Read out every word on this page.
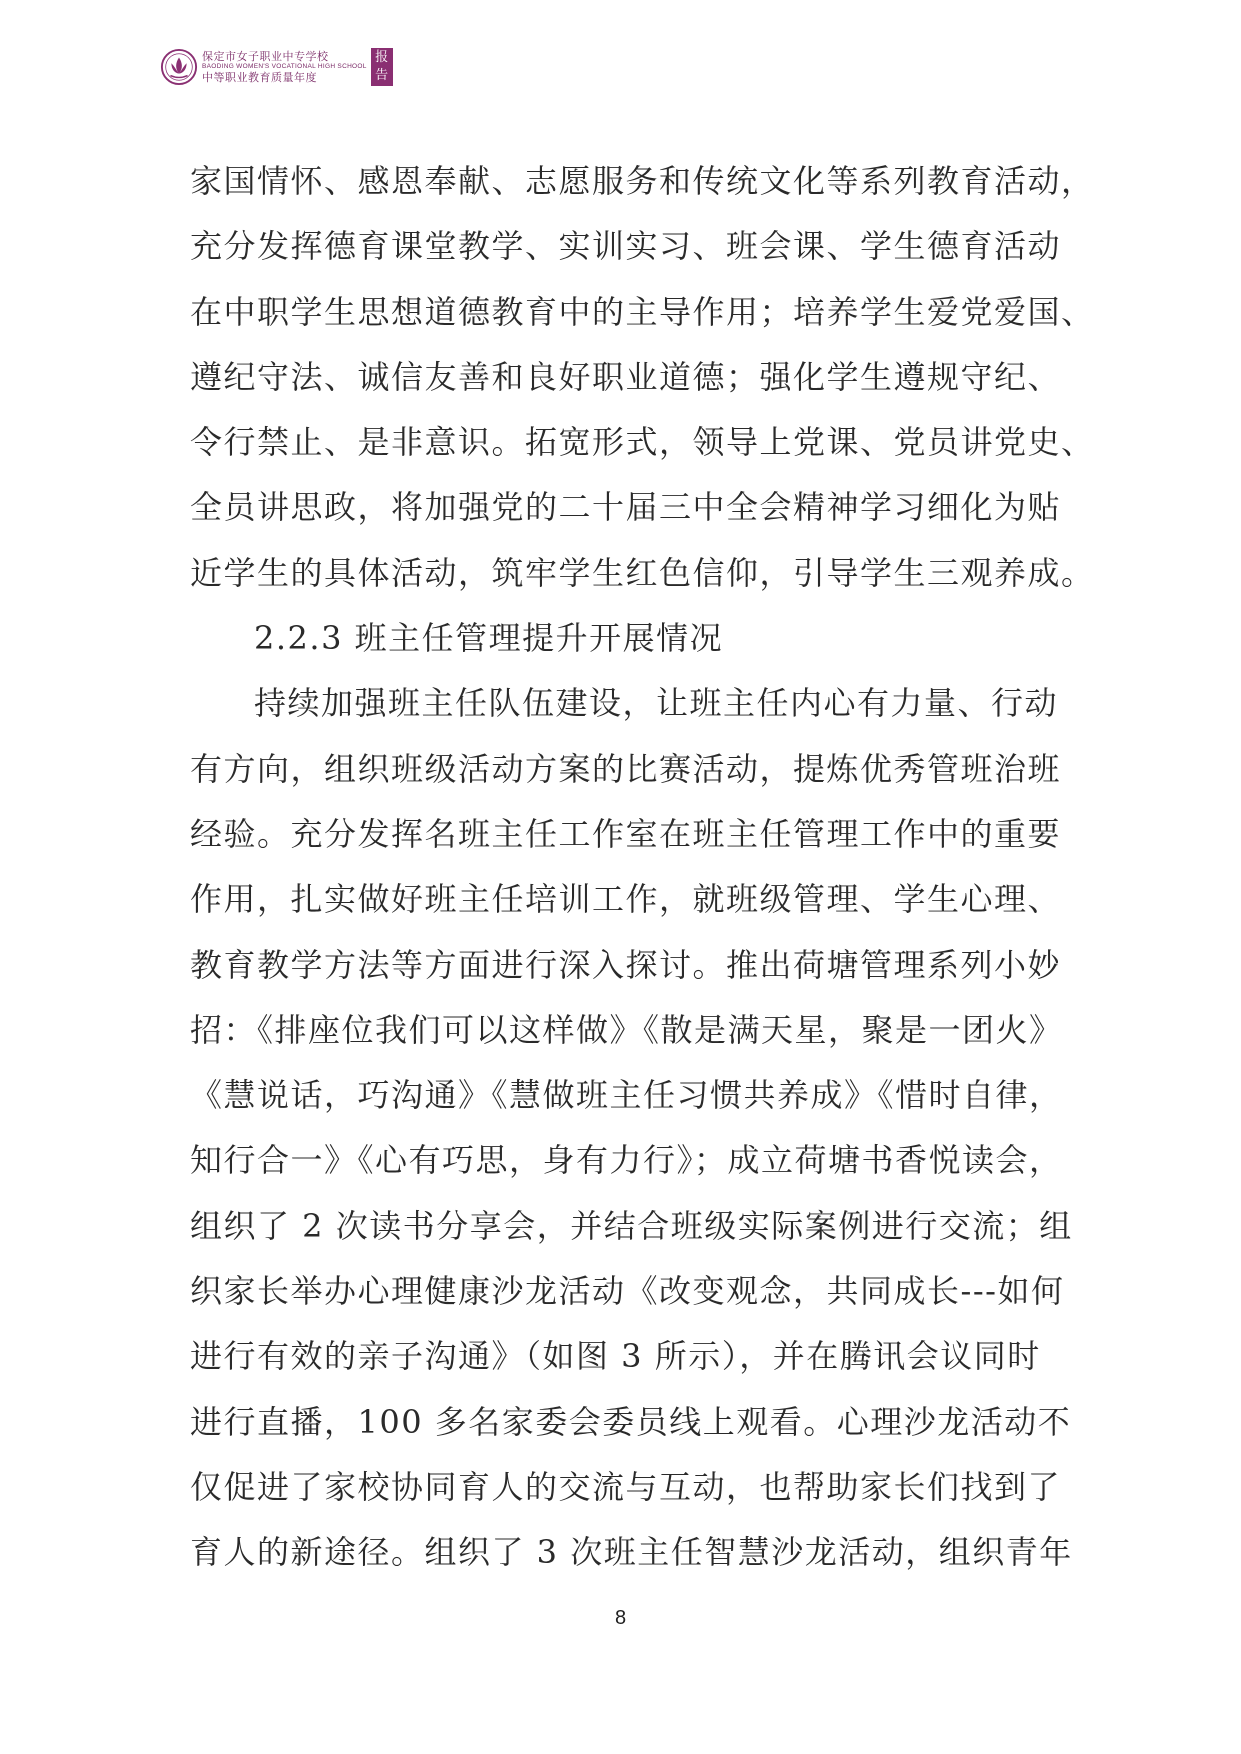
保定市女子职业中专学校
BAODING WOMEN'S VOCATIONAL HIGH SCHOOL
中等职业教育质量年度
报
告
家国情怀、感恩奉献、志愿服务和传统文化等系列教育活动，
充分发挥德育课堂教学、实训实习、班会课、学生德育活动
在中职学生思想道德教育中的主导作用；培养学生爱党爱国、
遵纪守法、诚信友善和良好职业道德；强化学生遵规守纪、
令行禁止、是非意识。拓宽形式，领导上党课、党员讲党史、
全员讲思政，将加强党的二十届三中全会精神学习细化为贴
近学生的具体活动，筑牢学生红色信仰，引导学生三观养成。
2.2.3 班主任管理提升开展情况
持续加强班主任队伍建设，让班主任内心有力量、行动
有方向，组织班级活动方案的比赛活动，提炼优秀管班治班
经验。充分发挥名班主任工作室在班主任管理工作中的重要
作用，扎实做好班主任培训工作，就班级管理、学生心理、
教育教学方法等方面进行深入探讨。推出荷塘管理系列小妙
招：《排座位我们可以这样做》《散是满天星，聚是一团火》
《慧说话，巧沟通》《慧做班主任习惯共养成》《惜时自律，
知行合一》《心有巧思，身有力行》；成立荷塘书香悦读会，
组织了 2 次读书分享会，并结合班级实际案例进行交流；组
织家长举办心理健康沙龙活动《改变观念，共同成长---如何
进行有效的亲子沟通》（如图 3 所示），并在腾讯会议同时
进行直播，100 多名家委会委员线上观看。心理沙龙活动不
仅促进了家校协同育人的交流与互动，也帮助家长们找到了
育人的新途径。组织了 3 次班主任智慧沙龙活动，组织青年
8
